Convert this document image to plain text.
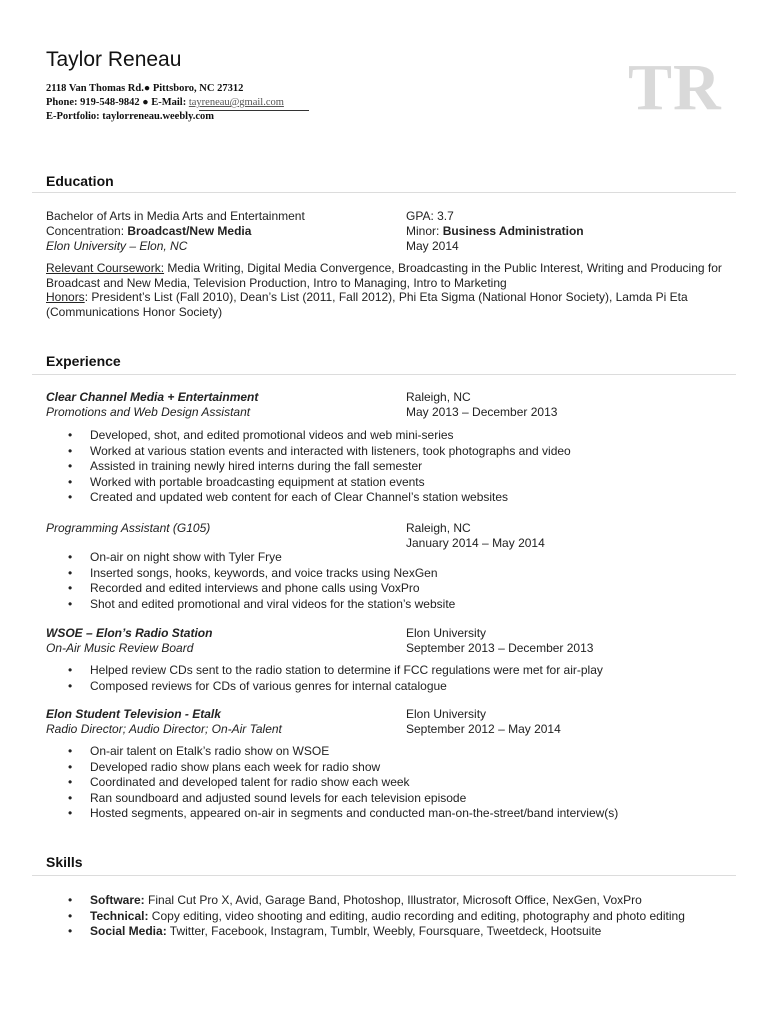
Taylor Reneau	TR
2118 Van Thomas Rd.● Pittsboro, NC 27312
Phone: 919-548-9842 ● E-Mail: tayreneau@gmail.com
E-Portfolio: taylorreneau.weebly.com
Education
Bachelor of Arts in Media Arts and Entertainment	GPA: 3.7
Concentration: Broadcast/New Media	Minor: Business Administration
Elon University – Elon, NC	May 2014
Relevant Coursework: Media Writing, Digital Media Convergence, Broadcasting in the Public Interest, Writing and Producing for Broadcast and New Media, Television Production, Intro to Managing, Intro to Marketing
Honors: President’s List (Fall 2010), Dean’s List (2011, Fall 2012), Phi Eta Sigma (National Honor Society), Lamda Pi Eta (Communications Honor Society)
Experience
Clear Channel Media + Entertainment	Raleigh, NC
Promotions and Web Design Assistant	May 2013 – December 2013
• Developed, shot, and edited promotional videos and web mini-series
• Worked at various station events and interacted with listeners, took photographs and video
• Assisted in training newly hired interns during the fall semester
• Worked with portable broadcasting equipment at station events
• Created and updated web content for each of Clear Channel’s station websites
Programming Assistant (G105)	Raleigh, NC
January 2014 – May 2014
• On-air on night show with Tyler Frye
• Inserted songs, hooks, keywords, and voice tracks using NexGen
• Recorded and edited interviews and phone calls using VoxPro
• Shot and edited promotional and viral videos for the station’s website
WSOE – Elon’s Radio Station	Elon University
On-Air Music Review Board	September 2013 – December 2013
• Helped review CDs sent to the radio station to determine if FCC regulations were met for air-play
• Composed reviews for CDs of various genres for internal catalogue
Elon Student Television - Etalk	Elon University
Radio Director; Audio Director; On-Air Talent	September 2012 – May 2014
• On-air talent on Etalk’s radio show on WSOE
• Developed radio show plans each week for radio show
• Coordinated and developed talent for radio show each week
• Ran soundboard and adjusted sound levels for each television episode
• Hosted segments, appeared on-air in segments and conducted man-on-the-street/band interview(s)
Skills
• Software: Final Cut Pro X, Avid, Garage Band, Photoshop, Illustrator, Microsoft Office, NexGen, VoxPro
• Technical: Copy editing, video shooting and editing, audio recording and editing, photography and photo editing
• Social Media: Twitter, Facebook, Instagram, Tumblr, Weebly, Foursquare, Tweetdeck, Hootsuite
